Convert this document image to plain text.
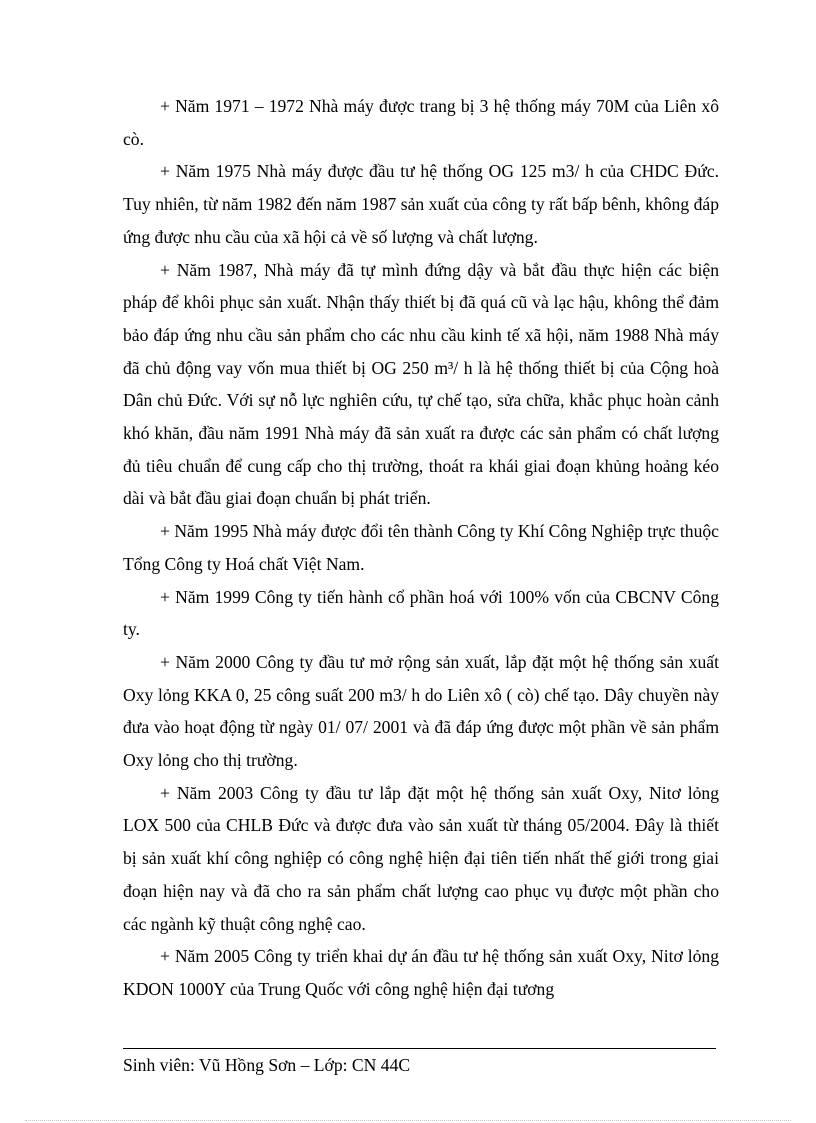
+ Năm 1971 – 1972 Nhà máy được trang bị 3 hệ thống máy 70M của Liên xô cò.

+ Năm 1975 Nhà máy được đầu tư hệ thống OG 125 m3/ h của CHDC Đức. Tuy nhiên, từ năm 1982 đến năm 1987 sản xuất của công ty rất bấp bênh, không đáp ứng được nhu cầu của xã hội cả về số lượng và chất lượng.

+ Năm 1987, Nhà máy đã tự mình đứng dậy và bắt đầu thực hiện các biện pháp để khôi phục sản xuất. Nhận thấy thiết bị đã quá cũ và lạc hậu, không thể đảm bảo đáp ứng nhu cầu sản phẩm cho các nhu cầu kinh tế xã hội, năm 1988 Nhà máy đã chủ động vay vốn mua thiết bị OG 250 m³/ h là hệ thống thiết bị của Cộng hoà Dân chủ Đức. Với sự nỗ lực nghiên cứu, tự chế tạo, sửa chữa, khắc phục hoàn cảnh khó khăn, đầu năm 1991 Nhà máy đã sản xuất ra được các sản phẩm có chất lượng đủ tiêu chuẩn để cung cấp cho thị trường, thoát ra khái giai đoạn khủng hoảng kéo dài và bắt đầu giai đoạn chuẩn bị phát triển.

+ Năm 1995 Nhà máy được đổi tên thành Công ty Khí Công Nghiệp trực thuộc Tổng Công ty Hoá chất Việt Nam.

+ Năm 1999 Công ty tiến hành cổ phần hoá với 100% vốn của CBCNV Công ty.

+ Năm 2000 Công ty đầu tư mở rộng sản xuất, lắp đặt một hệ thống sản xuất Oxy lỏng KKA 0, 25 công suất 200 m3/ h do Liên xô ( cò) chế tạo. Dây chuyền này đưa vào hoạt động từ ngày 01/ 07/ 2001 và đã đáp ứng được một phần về sản phẩm Oxy lỏng cho thị trường.

+ Năm 2003 Công ty đầu tư lắp đặt một hệ thống sản xuất Oxy, Nitơ lỏng LOX 500 của CHLB Đức và được đưa vào sản xuất từ tháng 05/2004. Đây là thiết bị sản xuất khí công nghiệp có công nghệ hiện đại tiên tiến nhất thế giới trong giai đoạn hiện nay và đã cho ra sản phẩm chất lượng cao phục vụ được một phần cho các ngành kỹ thuật công nghệ cao.

+ Năm 2005 Công ty triển khai dự án đầu tư hệ thống sản xuất Oxy, Nitơ lỏng KDON 1000Y của Trung Quốc với công nghệ hiện đại tương

Sinh viên: Vũ Hồng Sơn – Lớp: CN 44C
